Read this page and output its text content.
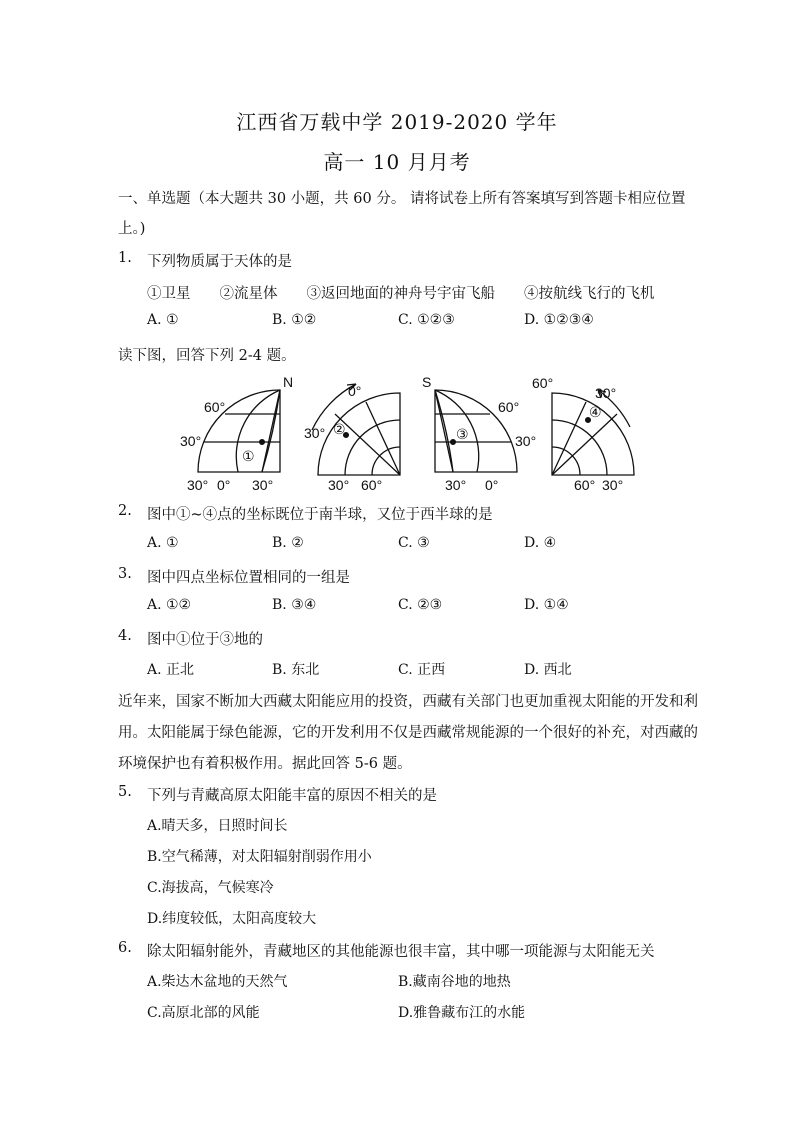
江西省万载中学 2019-2020 学年
高一 10 月月考
一、单选题（本大题共 30 小题，共 60 分。 请将试卷上所有答案填写到答题卡相应位置
上。)
1. 下列物质属于天体的是
①卫星　　②流星体　　③返回地面的神舟号宇宙飞船　　④按航线飞行的飞机
A. ①	B. ①②	C. ①②③	D. ①②③④
读下图，回答下列 2-4 题。
N
60°
30°
30° 0° 30°
①
0°
30°
30° 60°
②
S
60°
30°
30° 0°
③
60°
30°
60° 30°
④
2. 图中①~④点的坐标既位于南半球，又位于西半球的是
A. ①	B. ②	C. ③	D. ④
3. 图中四点坐标位置相同的一组是
A. ①②	B. ③④	C. ②③	D. ①④
4. 图中①位于③地的
A. 正北	B. 东北	C. 正西	D. 西北
近年来，国家不断加大西藏太阳能应用的投资，西藏有关部门也更加重视太阳能的开发和利
用。太阳能属于绿色能源，它的开发利用不仅是西藏常规能源的一个很好的补充，对西藏的
环境保护也有着积极作用。据此回答 5-6 题。
5. 下列与青藏高原太阳能丰富的原因不相关的是
A.晴天多，日照时间长
B.空气稀薄，对太阳辐射削弱作用小
C.海拔高，气候寒冷
D.纬度较低，太阳高度较大
6. 除太阳辐射能外，青藏地区的其他能源也很丰富，其中哪一项能源与太阳能无关
A.柴达木盆地的天然气	B.藏南谷地的地热
C.高原北部的风能	D.雅鲁藏布江的水能
